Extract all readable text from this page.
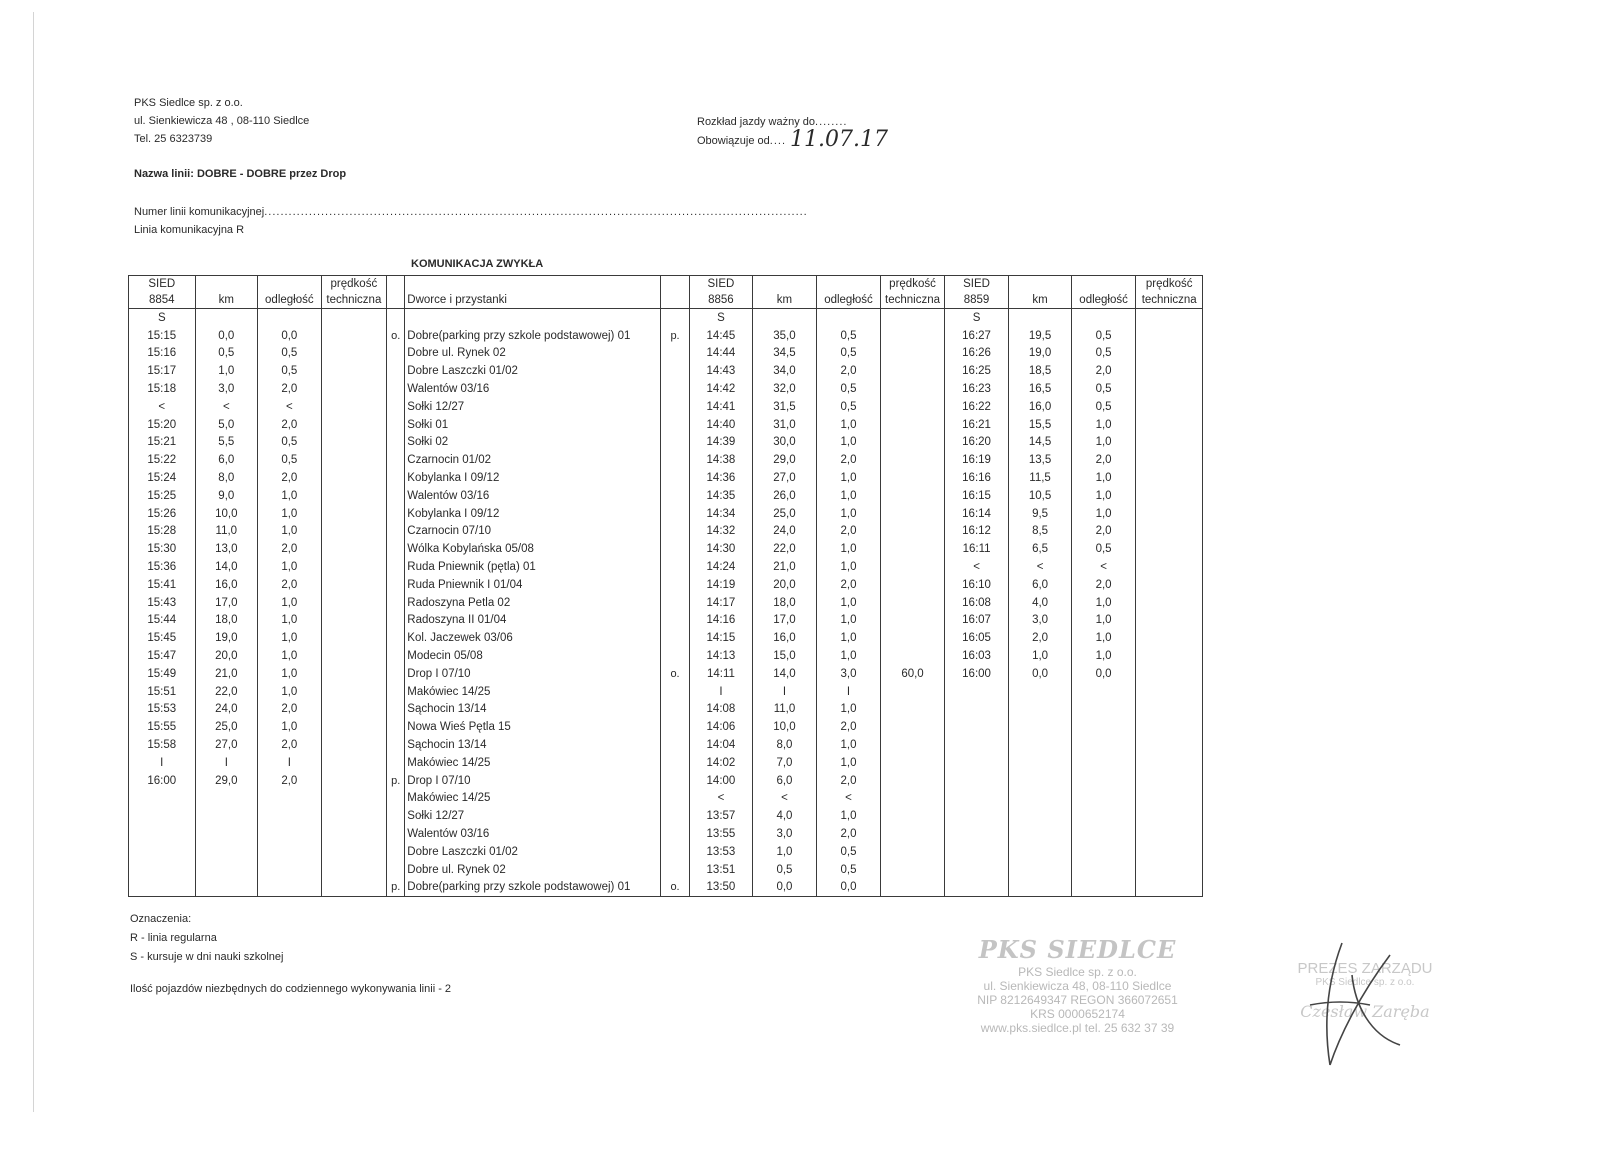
PKS Siedlce sp. z o.o.
ul. Sienkiewicza 48 , 08-110 Siedlce
Tel. 25 6323739
Rozkład jazdy ważny do........
Obowiązuje od.... 11.07.17
Nazwa linii: DOBRE - DOBRE przez Drop
Numer linii komunikacyjnej......................................................................................................................................
Linia komunikacyjna R
KOMUNIKACJA ZWYKŁA
SIED			prędkość				SIED			prędkość	SIED			prędkość
8854	km	odległość	techniczna		Dworce i przystanki		8856	km	odległość	techniczna	8859	km	odległość	techniczna
S							S				S			
15:15	0,0	0,0		o.	Dobre(parking przy szkole podstawowej) 01	p.	14:45	35,0	0,5		16:27	19,5	0,5	
15:16	0,5	0,5			Dobre ul. Rynek 02		14:44	34,5	0,5		16:26	19,0	0,5	
15:17	1,0	0,5			Dobre Laszczki 01/02		14:43	34,0	2,0		16:25	18,5	2,0	
15:18	3,0	2,0			Walentów 03/16		14:42	32,0	0,5		16:23	16,5	0,5	
<	<	<			Sołki 12/27		14:41	31,5	0,5		16:22	16,0	0,5	
15:20	5,0	2,0			Sołki 01		14:40	31,0	1,0		16:21	15,5	1,0	
15:21	5,5	0,5			Sołki 02		14:39	30,0	1,0		16:20	14,5	1,0	
15:22	6,0	0,5			Czarnocin 01/02		14:38	29,0	2,0		16:19	13,5	2,0	
15:24	8,0	2,0			Kobylanka I 09/12		14:36	27,0	1,0		16:16	11,5	1,0	
15:25	9,0	1,0			Walentów 03/16		14:35	26,0	1,0		16:15	10,5	1,0	
15:26	10,0	1,0			Kobylanka I 09/12		14:34	25,0	1,0		16:14	9,5	1,0	
15:28	11,0	1,0			Czarnocin 07/10		14:32	24,0	2,0		16:12	8,5	2,0	
15:30	13,0	2,0			Wólka Kobylańska 05/08		14:30	22,0	1,0		16:11	6,5	0,5	
15:36	14,0	1,0			Ruda Pniewnik (pętla) 01		14:24	21,0	1,0		<	<	<	
15:41	16,0	2,0			Ruda Pniewnik I 01/04		14:19	20,0	2,0		16:10	6,0	2,0	
15:43	17,0	1,0			Radoszyna Petla 02		14:17	18,0	1,0		16:08	4,0	1,0	
15:44	18,0	1,0			Radoszyna II 01/04		14:16	17,0	1,0		16:07	3,0	1,0	
15:45	19,0	1,0			Kol. Jaczewek 03/06		14:15	16,0	1,0		16:05	2,0	1,0	
15:47	20,0	1,0			Modecin 05/08		14:13	15,0	1,0		16:03	1,0	1,0	
15:49	21,0	1,0			Drop I 07/10	o.	14:11	14,0	3,0	60,0	16:00	0,0	0,0	
15:51	22,0	1,0			Makówiec 14/25		I	I	I					
15:53	24,0	2,0			Sąchocin 13/14		14:08	11,0	1,0					
15:55	25,0	1,0			Nowa Wieś Pętla 15		14:06	10,0	2,0					
15:58	27,0	2,0			Sąchocin 13/14		14:04	8,0	1,0					
I	I	I			Makówiec 14/25		14:02	7,0	1,0					
16:00	29,0	2,0		p.	Drop I 07/10		14:00	6,0	2,0					
					Makówiec 14/25		<	<	<					
					Sołki 12/27		13:57	4,0	1,0					
					Walentów 03/16		13:55	3,0	2,0					
					Dobre Laszczki 01/02		13:53	1,0	0,5					
					Dobre ul. Rynek 02		13:51	0,5	0,5					
				p.	Dobre(parking przy szkole podstawowej) 01	o.	13:50	0,0	0,0					
Oznaczenia:
R - linia regularna
S - kursuje w dni nauki szkolnej
Ilość pojazdów niezbędnych do codziennego wykonywania linii - 2
PKS SIEDLCE
PKS Siedlce sp. z o.o.
ul. Sienkiewicza 48, 08-110 Siedlce
NIP 8212649347 REGON 366072651
KRS 0000652174
www.pks.siedlce.pl tel. 25 632 37 39
PREZES ZARZĄDU
PKS Siedlce sp. z o.o.
Czesław Zaręba
